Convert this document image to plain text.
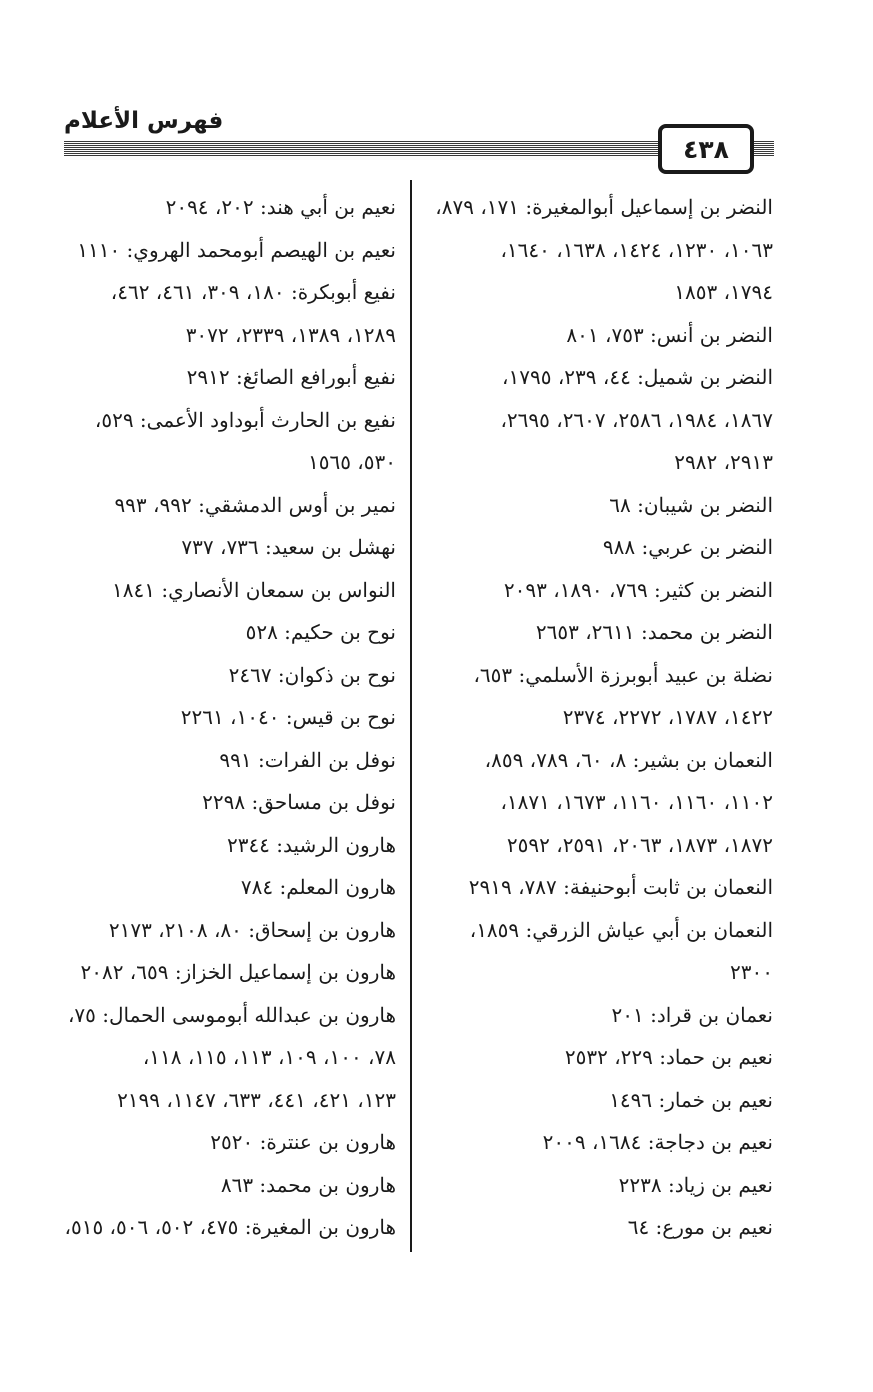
فهرس الأعلام
٤٣٨
النضر بن إسماعيل أبوالمغيرة: ١٧١، ٨٧٩،
١٠٦٣، ١٢٣٠، ١٤٢٤، ١٦٣٨، ١٦٤٠،
١٧٩٤، ١٨٥٣
النضر بن أنس: ٧٥٣، ٨٠١
النضر بن شميل: ٤٤، ٢٣٩، ١٧٩٥،
١٨٦٧، ١٩٨٤، ٢٥٨٦، ٢٦٠٧، ٢٦٩٥،
٢٩١٣، ٢٩٨٢
النضر بن شيبان: ٦٨
النضر بن عربي: ٩٨٨
النضر بن كثير: ٧٦٩، ١٨٩٠، ٢٠٩٣
النضر بن محمد: ٢٦١١، ٢٦٥٣
نضلة بن عبيد أبوبرزة الأسلمي: ٦٥٣،
١٤٢٢، ١٧٨٧، ٢٢٧٢، ٢٣٧٤
النعمان بن بشير: ٨، ٦٠، ٧٨٩، ٨٥٩،
١١٠٢، ١١٦٠، ١١٦٠، ١٦٧٣، ١٨٧١،
١٨٧٢، ١٨٧٣، ٢٠٦٣، ٢٥٩١، ٢٥٩٢
النعمان بن ثابت أبوحنيفة: ٧٨٧، ٢٩١٩
النعمان بن أبي عياش الزرقي: ١٨٥٩،
٢٣٠٠
نعمان بن قراد: ٢٠١
نعيم بن حماد: ٢٢٩، ٢٥٣٢
نعيم بن خمار: ١٤٩٦
نعيم بن دجاجة: ١٦٨٤، ٢٠٠٩
نعيم بن زياد: ٢٢٣٨
نعيم بن مورع: ٦٤
نعيم بن أبي هند: ٢٠٢، ٢٠٩٤
نعيم بن الهيصم أبومحمد الهروي: ١١١٠
نفيع أبوبكرة: ١٨٠، ٣٠٩، ٤٦١، ٤٦٢،
١٢٨٩، ١٣٨٩، ٢٣٣٩، ٣٠٧٢
نفيع أبورافع الصائغ: ٢٩١٢
نفيع بن الحارث أبوداود الأعمى: ٥٢٩،
٥٣٠، ١٥٦٥
نمير بن أوس الدمشقي: ٩٩٢، ٩٩٣
نهشل بن سعيد: ٧٣٦، ٧٣٧
النواس بن سمعان الأنصاري: ١٨٤١
نوح بن حكيم: ٥٢٨
نوح بن ذكوان: ٢٤٦٧
نوح بن قيس: ١٠٤٠، ٢٢٦١
نوفل بن الفرات: ٩٩١
نوفل بن مساحق: ٢٢٩٨
هارون الرشيد: ٢٣٤٤
هارون المعلم: ٧٨٤
هارون بن إسحاق: ٨٠، ٢١٠٨، ٢١٧٣
هارون بن إسماعيل الخزاز: ٦٥٩، ٢٠٨٢
هارون بن عبدالله أبوموسى الحمال: ٧٥،
٧٨، ١٠٠، ١٠٩، ١١٣، ١١٥، ١١٨،
١٢٣، ٤٢١، ٤٤١، ٦٣٣، ١١٤٧، ٢١٩٩
هارون بن عنترة: ٢٥٢٠
هارون بن محمد: ٨٦٣
هارون بن المغيرة: ٤٧٥، ٥٠٢، ٥٠٦، ٥١٥،
